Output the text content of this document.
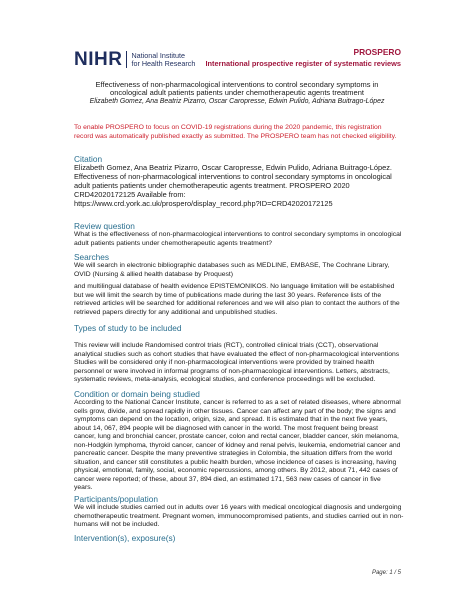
NIHR National Institute
for Health Research
PROSPERO
International prospective register of systematic reviews
Effectiveness of non-pharmacological interventions to control secondary symptoms in
oncological adult patients patients under chemotherapeutic agents treatment
Elizabeth Gomez, Ana Beatriz Pizarro, Oscar Caropresse, Edwin Pulido, Adriana Buitrago-López
To enable PROSPERO to focus on COVID-19 registrations during the 2020 pandemic, this registration
record was automatically published exactly as submitted. The PROSPERO team has not checked eligibility.
Citation
Elizabeth Gomez, Ana Beatriz Pizarro, Oscar Caropresse, Edwin Pulido, Adriana Buitrago-López.
Effectiveness of non-pharmacological interventions to control secondary symptoms in oncological
adult patients patients under chemotherapeutic agents treatment. PROSPERO 2020
CRD42020172125 Available from:
https://www.crd.york.ac.uk/prospero/display_record.php?ID=CRD42020172125
Review question
What is the effectiveness of non-pharmacological interventions to control secondary symptoms in oncological
adult patients patients under chemotherapeutic agents treatment?
Searches
We will search in electronic bibliographic databases such as MEDLINE, EMBASE, The Cochrane Library,
OVID (Nursing & allied health database by Proquest)
and multilingual database of health evidence EPISTEMONIKOS. No language limitation will be established
but we will limit the search by time of publications made during the last 30 years. Reference lists of the
retrieved articles will be searched for additional references and we will also plan to contact the authors of the
retrieved papers directly for any additional and unpublished studies.
Types of study to be included
This review will include Randomised control trials (RCT), controlled clinical trials (CCT), observational
analytical studies such as cohort studies that have evaluated the effect of non-pharmacological interventions
Studies will be considered only if non-pharmacological interventions were provided by trained health
personnel or were involved in informal programs of non-pharmacological interventions. Letters, abstracts,
systematic reviews, meta-analysis, ecological studies, and conference proceedings will be excluded.
Condition or domain being studied
According to the National Cancer Institute, cancer is referred to as a set of related diseases, where abnormal
cells grow, divide, and spread rapidly in other tissues. Cancer can affect any part of the body; the signs and
symptoms can depend on the location, origin, size, and spread. It is estimated that in the next five years,
about 14, 067, 894 people will be diagnosed with cancer in the world. The most frequent being breast
cancer, lung and bronchial cancer, prostate cancer, colon and rectal cancer, bladder cancer, skin melanoma,
non-Hodgkin lymphoma, thyroid cancer, cancer of kidney and renal pelvis, leukemia, endometrial cancer and
pancreatic cancer. Despite the many preventive strategies in Colombia, the situation differs from the world
situation, and cancer still constitutes a public health burden, whose incidence of cases is increasing, having
physical, emotional, family, social, economic repercussions, among others. By 2012, about 71, 442 cases of
cancer were reported; of these, about 37, 894 died, an estimated 171, 563 new cases of cancer in five
years.
Participants/population
We will include studies carried out in adults over 16 years with medical oncological diagnosis and undergoing
chemotherapeutic treatment. Pregnant women, immunocompromised patients, and studies carried out in non-
humans will not be included.
Intervention(s), exposure(s)
Page: 1 / 5
